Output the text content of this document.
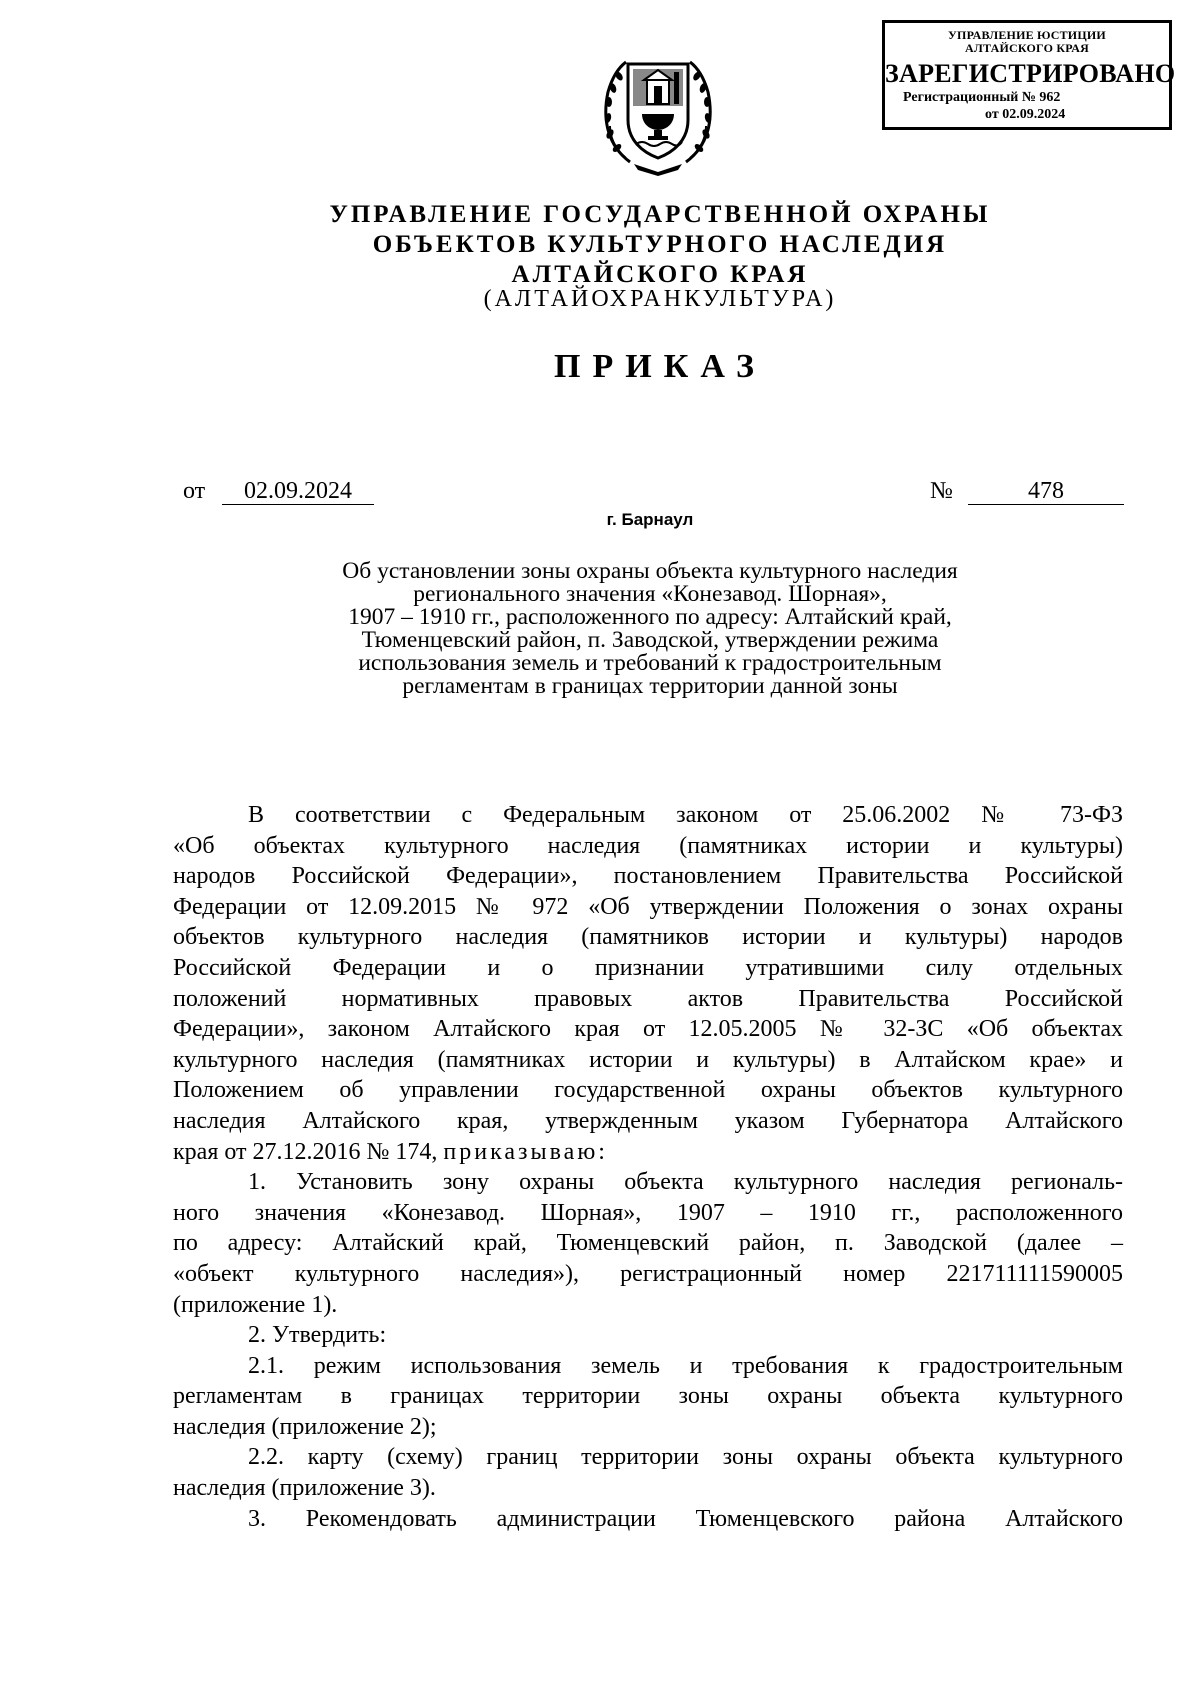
УПРАВЛЕНИЕ ЮСТИЦИИ
АЛТАЙСКОГО КРАЯ
ЗАРЕГИСТРИРОВАНО
Регистрационный № 962
от 02.09.2024
УПРАВЛЕНИЕ ГОСУДАРСТВЕННОЙ ОХРАНЫ
ОБЪЕКТОВ КУЛЬТУРНОГО НАСЛЕДИЯ
АЛТАЙСКОГО КРАЯ
(АЛТАЙОХРАНКУЛЬТУРА)
ПРИКАЗ
от	02.09.2024	№	478
г. Барнаул
Об установлении зоны охраны объекта культурного наследия
регионального значения «Конезавод. Шорная»,
1907 – 1910 гг., расположенного по адресу: Алтайский край,
Тюменцевский район, п. Заводской, утверждении режима
использования земель и требований к градостроительным
регламентам в границах территории данной зоны
В соответствии с Федеральным законом от 25.06.2002 № 73-ФЗ
«Об объектах культурного наследия (памятниках истории и культуры)
народов Российской Федерации», постановлением Правительства Российской
Федерации от 12.09.2015 № 972 «Об утверждении Положения о зонах охраны
объектов культурного наследия (памятников истории и культуры) народов
Российской Федерации и о признании утратившими силу отдельных
положений нормативных правовых актов Правительства Российской
Федерации», законом Алтайского края от 12.05.2005 № 32-ЗС «Об объектах
культурного наследия (памятниках истории и культуры) в Алтайском крае» и
Положением об управлении государственной охраны объектов культурного
наследия Алтайского края, утвержденным указом Губернатора Алтайского
края от 27.12.2016 № 174, приказываю:
1. Установить зону охраны объекта культурного наследия региональ-
ного значения «Конезавод. Шорная», 1907 – 1910 гг., расположенного
по адресу: Алтайский край, Тюменцевский район, п. Заводской (далее –
«объект культурного наследия»), регистрационный номер 221711111590005
(приложение 1).
2. Утвердить:
2.1. режим использования земель и требования к градостроительным
регламентам в границах территории зоны охраны объекта культурного
наследия (приложение 2);
2.2. карту (схему) границ территории зоны охраны объекта культурного
наследия (приложение 3).
3. Рекомендовать администрации Тюменцевского района Алтайского
